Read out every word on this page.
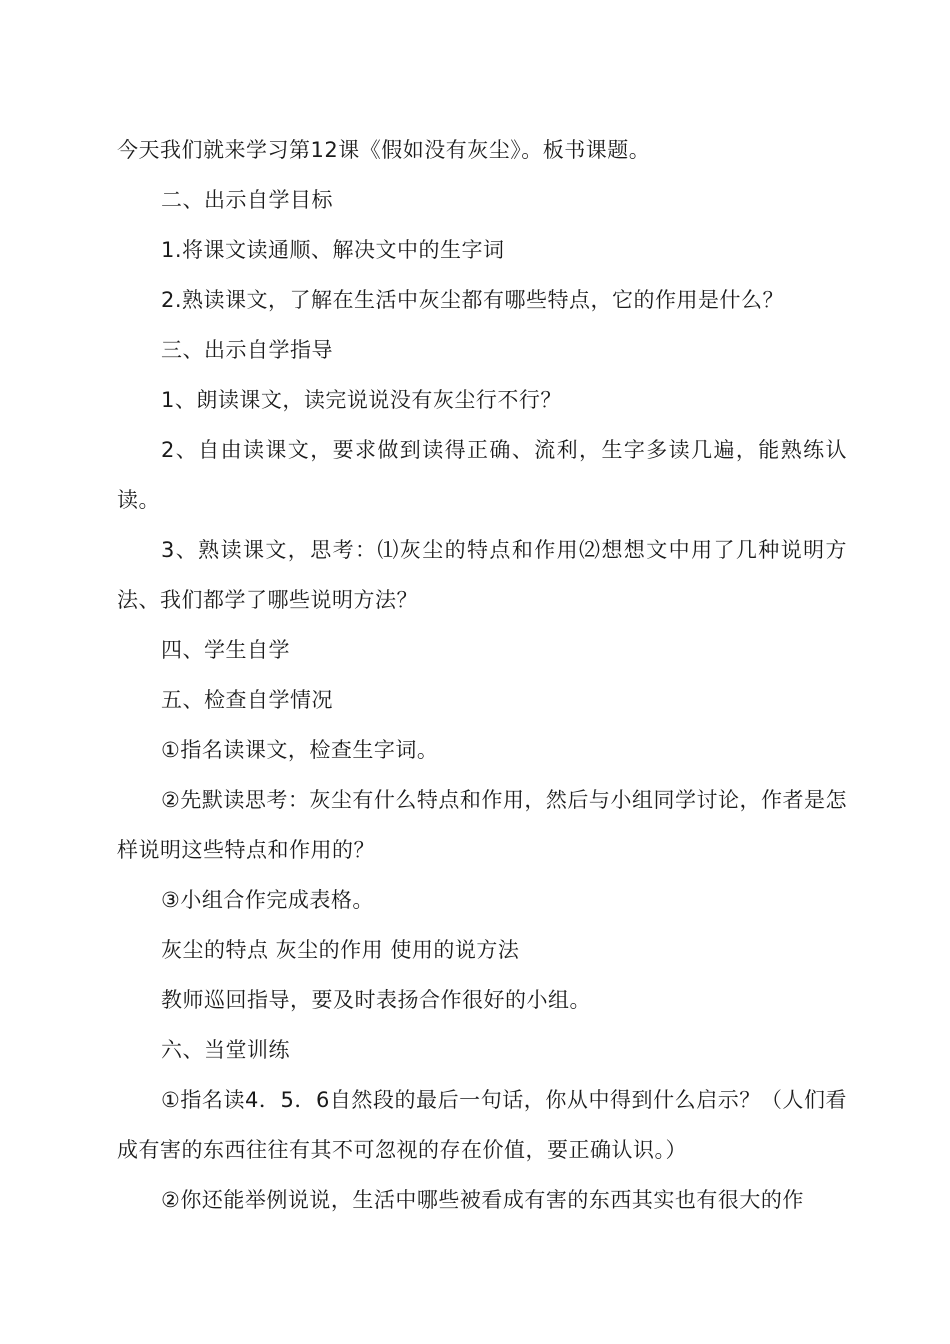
今天我们就来学习第12课《假如没有灰尘》。板书课题。

二、出示自学目标

1.将课文读通顺、解决文中的生字词

2.熟读课文，了解在生活中灰尘都有哪些特点，它的作用是什么？

三、出示自学指导

1、朗读课文，读完说说没有灰尘行不行？

2、自由读课文，要求做到读得正确、流利，生字多读几遍，能熟练认读。

3、熟读课文，思考：⑴灰尘的特点和作用⑵想想文中用了几种说明方法、我们都学了哪些说明方法？

四、学生自学

五、检查自学情况

①指名读课文，检查生字词。

②先默读思考：灰尘有什么特点和作用，然后与小组同学讨论，作者是怎样说明这些特点和作用的？

③小组合作完成表格。

灰尘的特点 灰尘的作用 使用的说方法

教师巡回指导，要及时表扬合作很好的小组。

六、当堂训练

①指名读4．5．6自然段的最后一句话，你从中得到什么启示？（人们看成有害的东西往往有其不可忽视的存在价值，要正确认识。）

②你还能举例说说，生活中哪些被看成有害的东西其实也有很大的作
